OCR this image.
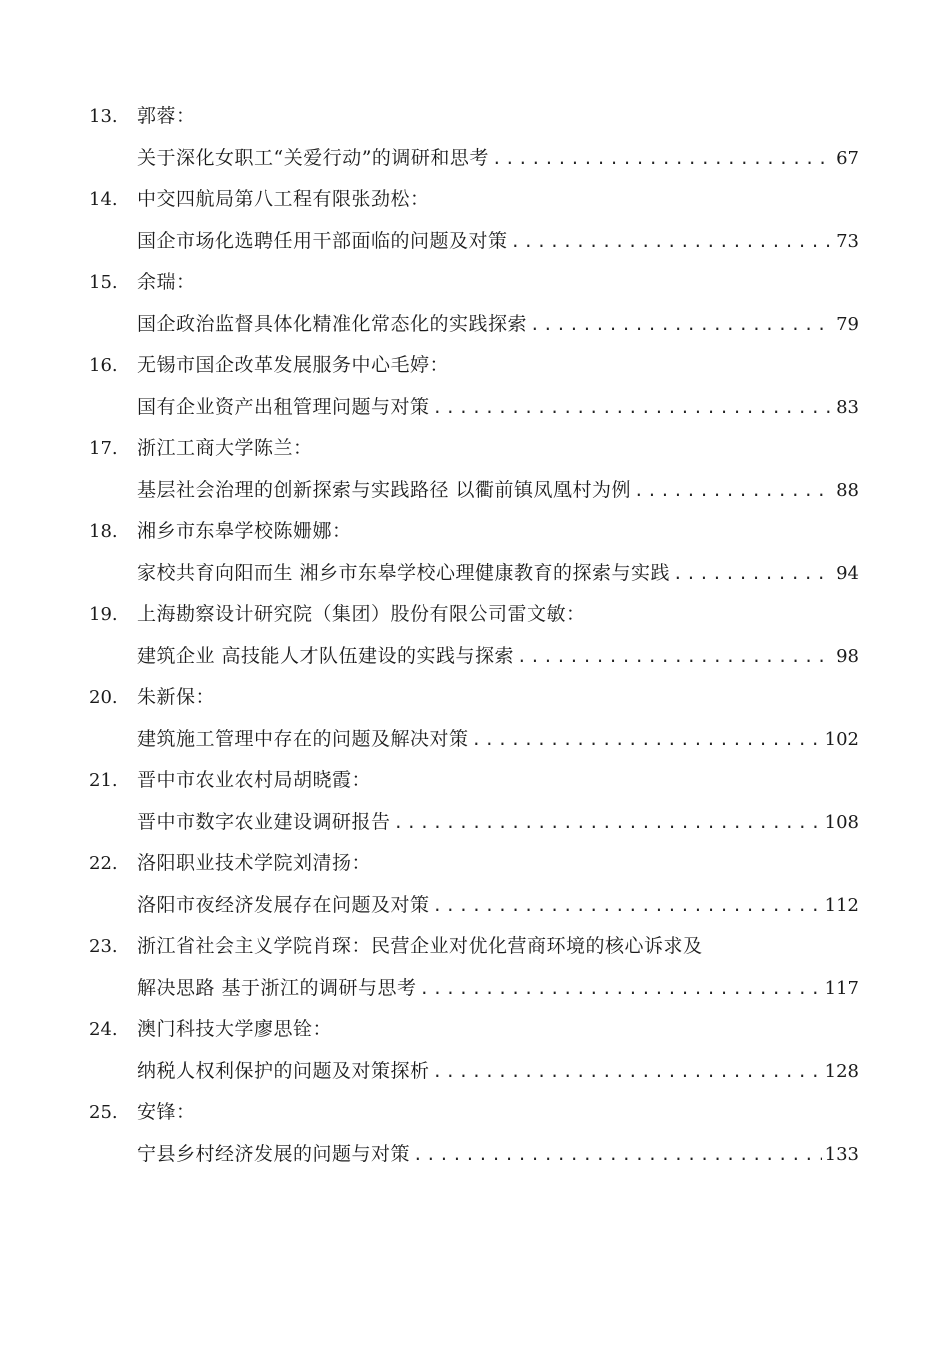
13.	郭蓉：
关于深化女职工“关爱行动”的调研和思考 .....	67
14.	中交四航局第八工程有限张劲松：
国企市场化选聘任用干部面临的问题及对策 .....	73
15.	余瑞：
国企政治监督具体化精准化常态化的实践探索 .....	79
16.	无锡市国企改革发展服务中心毛婷：
国有企业资产出租管理问题与对策 .....	83
17.	浙江工商大学陈兰：
基层社会治理的创新探索与实践路径 以衢前镇凤凰村为例 .....	88
18.	湘乡市东皋学校陈姗娜：
家校共育向阳而生 湘乡市东皋学校心理健康教育的探索与实践 .....	94
19.	上海勘察设计研究院（集团）股份有限公司雷文敏：
建筑企业 高技能人才队伍建设的实践与探索 .....	98
20.	朱新保：
建筑施工管理中存在的问题及解决对策 .....	102
21.	晋中市农业农村局胡晓霞：
晋中市数字农业建设调研报告 .....	108
22.	洛阳职业技术学院刘清扬：
洛阳市夜经济发展存在问题及对策 .....	112
23.	浙江省社会主义学院肖琛：民营企业对优化营商环境的核心诉求及
解决思路 基于浙江的调研与思考 .....	117
24.	澳门科技大学廖思铨：
纳税人权利保护的问题及对策探析 .....	128
25.	安锋：
宁县乡村经济发展的问题与对策 .....	133
